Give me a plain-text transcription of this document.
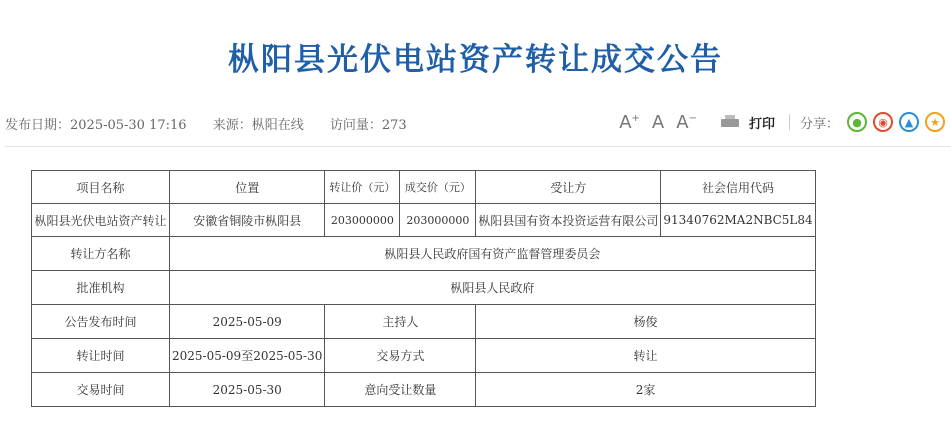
枞阳县光伏电站资产转让成交公告
发布日期：2025-05-30 17:16 来源：枞阳在线 访问量：273	A+ A A−	打印 分享：	●	◉	▲	★
项目名称	位置	转让价（元）	成交价（元）	受让方	社会信用代码
枞阳县光伏电站资产转让	安徽省铜陵市枞阳县	203000000	203000000	枞阳县国有资本投资运营有限公司	91340762MA2NBC5L84
转让方名称	枞阳县人民政府国有资产监督管理委员会				
批准机构	枞阳县人民政府				
公告发布时间	2025-05-09	主持人		杨俊	
转让时间	2025-05-09至2025-05-30	交易方式		转让	
交易时间	2025-05-30	意向受让数量		2家	
